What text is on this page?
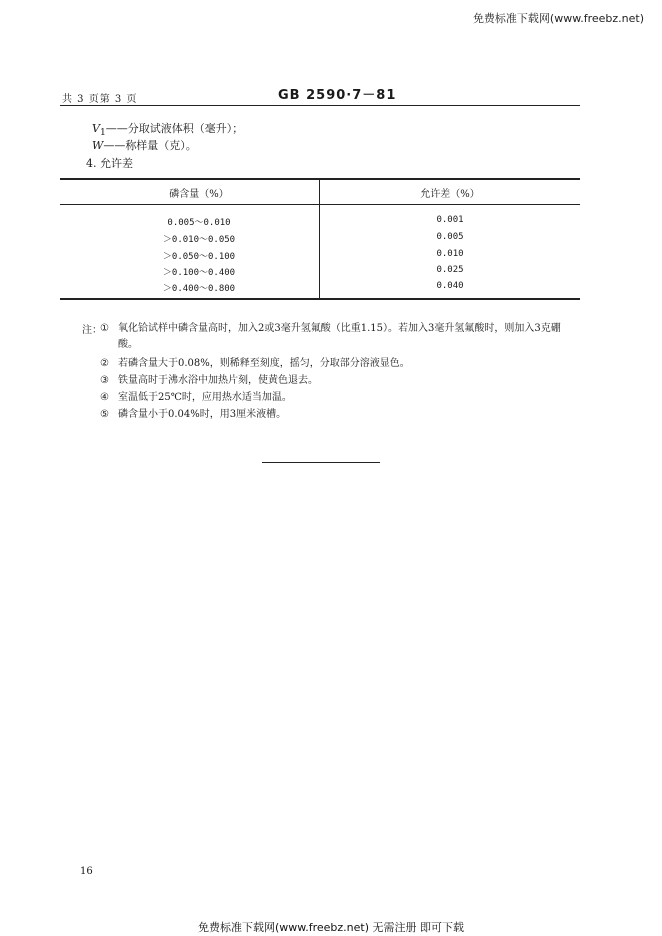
免费标准下载网(www.freebz.net)
共 3 页第 3 页	GB 2590·7－81
$V_1——$分取试液体积（毫升）；
W——称样量（克）。
4. 允许差
磷含量（%）	允许差（%）
0.005～0.010	0.001
＞0.010～0.050	0.005
＞0.050～0.100	0.010
＞0.100～0.400	0.025
＞0.400～0.800	0.040
注：
① 氧化铪试样中磷含量高时，加入2或3毫升氢氟酸（比重1.15）。若加入3毫升氢氟酸时，则加入3克硼
酸。
② 若磷含量大于0.08%，则稀释至刻度，摇匀，分取部分溶液显色。
③ 铁量高时于沸水浴中加热片刻，使黄色退去。
④ 室温低于25℃时，应用热水适当加温。
⑤ 磷含量小于0.04%时，用3厘米液槽。
16
免费标准下载网(www.freebz.net) 无需注册 即可下载
